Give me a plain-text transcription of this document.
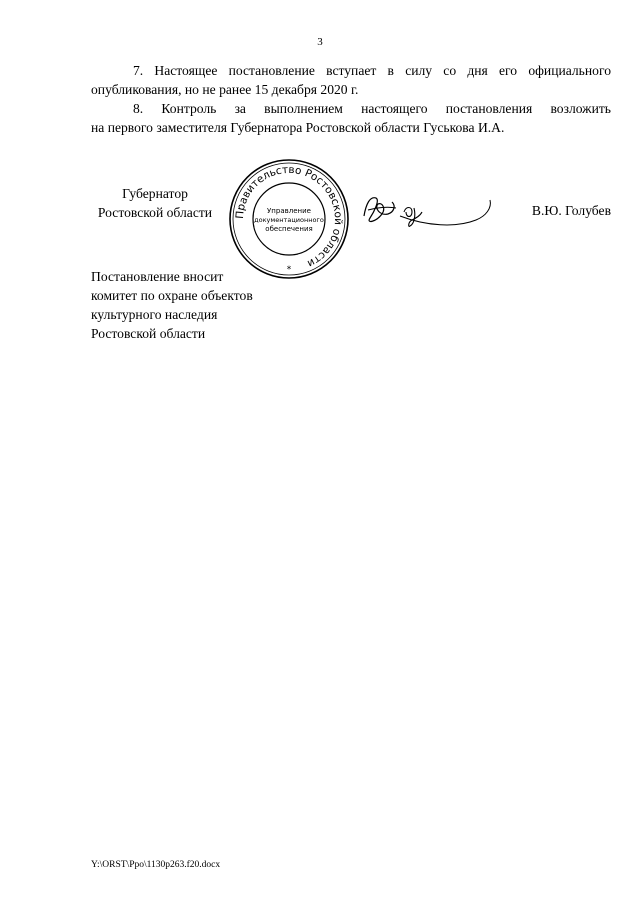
3
7. Настоящее постановление вступает в силу со дня его официального
опубликования, но не ранее 15 декабря 2020 г.
8. Контроль за выполнением настоящего постановления возложить
на первого заместителя Губернатора Ростовской области Гуськова И.А.
Губернатор
Ростовской области	Правительство Ростовской области
Управление
документационного
обеспечения
*
В.Ю. Голубев
Постановление вносит
комитет по охране объектов
культурного наследия
Ростовской области
Y:\ORST\Ppo\1130p263.f20.docx
